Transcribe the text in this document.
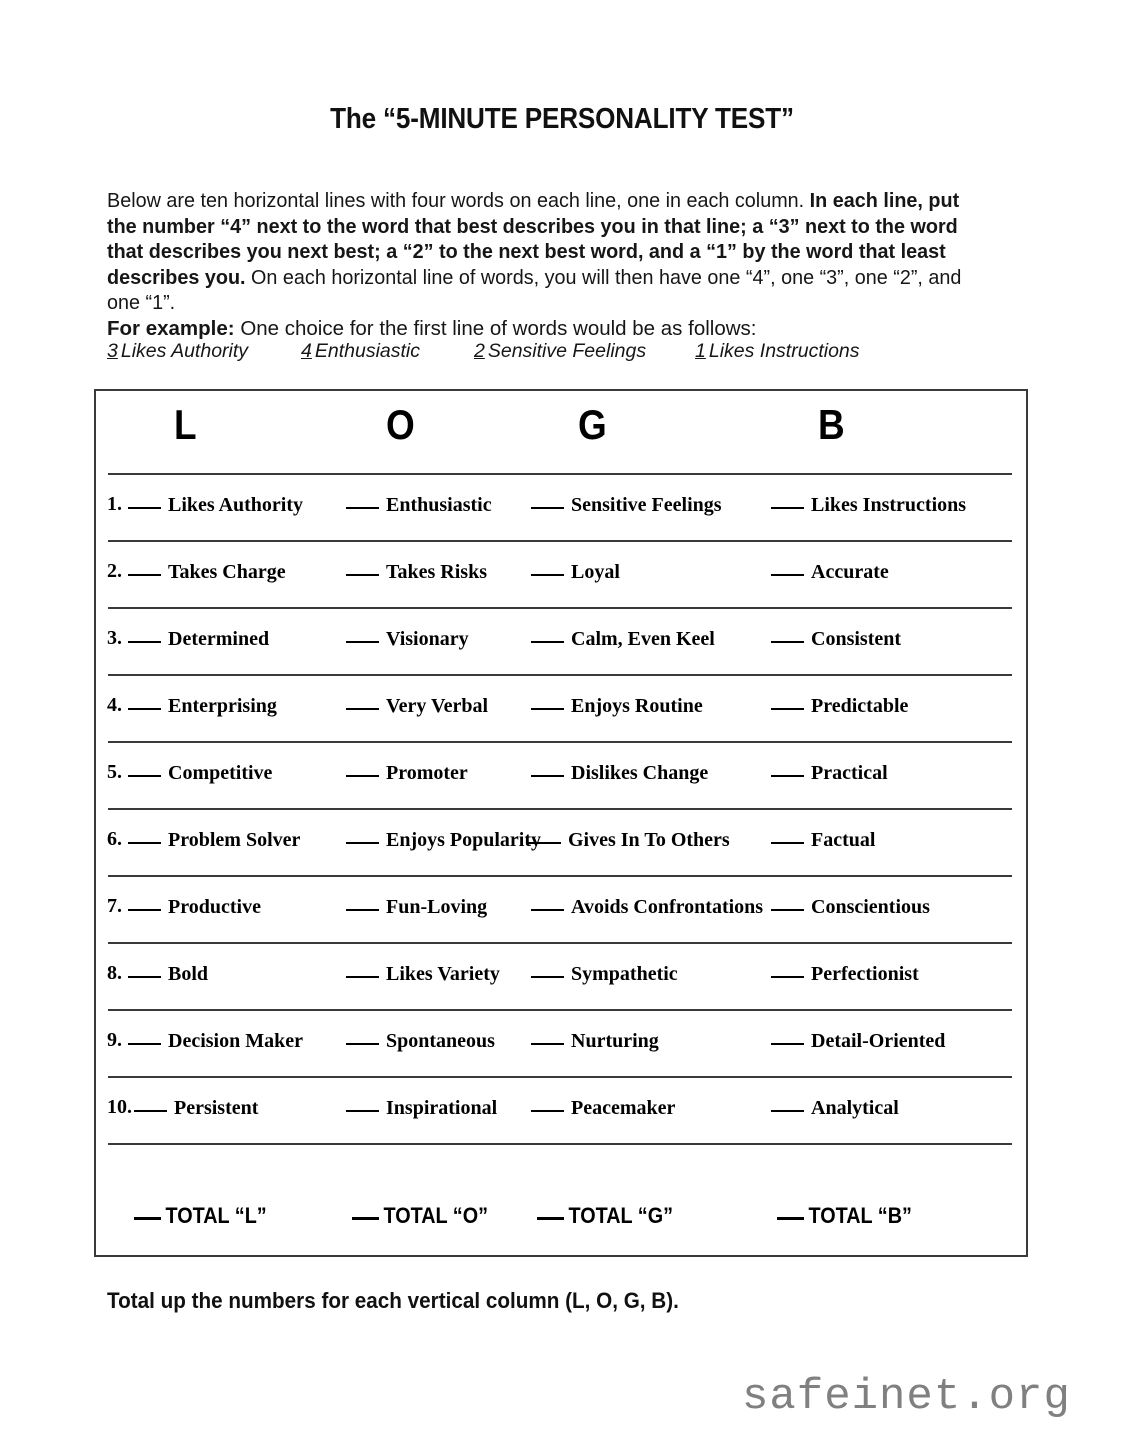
The “5-MINUTE PERSONALITY TEST”
Below are ten horizontal lines with four words on each line, one in each column. In each line, put the number “4” next to the word that best describes you in that line; a “3” next to the word that describes you next best; a “2” to the next best word, and a “1” by the word that least describes you. On each horizontal line of words, you will then have one “4”, one “3”, one “2”, and one “1”.
For example: One choice for the first line of words would be as follows:
3 Likes Authority	4 Enthusiastic	2 Sensitive Feelings	1 Likes Instructions
L	O	G	B
1.	Likes Authority	Enthusiastic	Sensitive Feelings	Likes Instructions
2.	Takes Charge	Takes Risks	Loyal	Accurate
3.	Determined	Visionary	Calm, Even Keel	Consistent
4.	Enterprising	Very Verbal	Enjoys Routine	Predictable
5.	Competitive	Promoter	Dislikes Change	Practical
6.	Problem Solver	Enjoys Popularity	Gives In To Others	Factual
7.	Productive	Fun-Loving	Avoids Confrontations	Conscientious
8.	Bold	Likes Variety	Sympathetic	Perfectionist
9.	Decision Maker	Spontaneous	Nurturing	Detail-Oriented
10.	Persistent	Inspirational	Peacemaker	Analytical
TOTAL “L”	TOTAL “O”	TOTAL “G”	TOTAL “B”
Total up the numbers for each vertical column (L, O, G, B).
safeinet.org
